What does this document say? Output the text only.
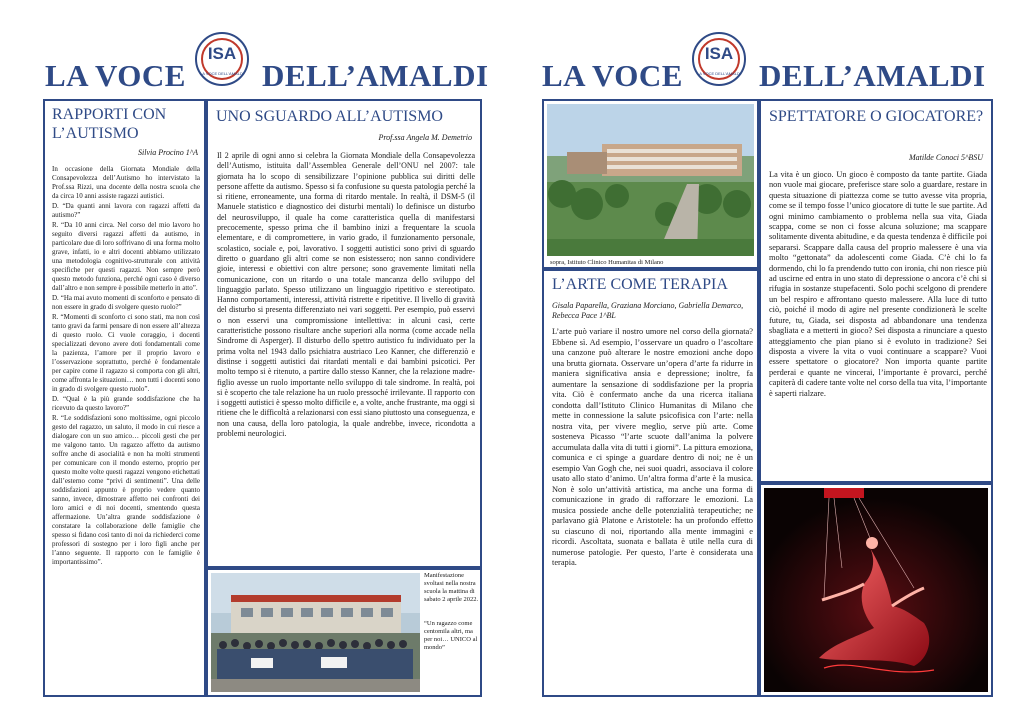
LA VOCE
ISA
LA VOCE DELL'AMALDI DELL’AMALDI
RAPPORTI CON L’AUTISMO
Silvia Procino 1^A

In occasione della Giornata Mondiale della Consapevolezza dell’Autismo ho intervistato la Prof.ssa Rizzi, una docente della nostra scuola che da circa 10 anni assiste ragazzi autistici.

D. “Da quanti anni lavora con ragazzi affetti da autismo?”

R. “Da 10 anni circa. Nel corso del mio lavoro ho seguito diversi ragazzi affetti da autismo, in particolare due di loro soffrivano di una forma molto grave, infatti, io e altri docenti abbiamo utilizzato una metodologia cognitivo-strutturale con attività specifiche per questi ragazzi. Non sempre però questo metodo funziona, perché ogni caso è diverso dall’altro e non sempre è possibile metterlo in atto”.

D. “Ha mai avuto momenti di sconforto e pensato di non essere in grado di svolgere questo ruolo?”

R. “Momenti di sconforto ci sono stati, ma non così tanto gravi da farmi pensare di non essere all’altezza di questo ruolo. Ci vuole coraggio, i docenti specializzati devono avere doti fondamentali come la pazienza, l’amore per il proprio lavoro e l’osservazione soprattutto, perché è fondamentale per capire come il ragazzo si comporta con gli altri, come affronta le situazioni… non tutti i docenti sono in grado di svolgere questo ruolo”.

D. “Qual è la più grande soddisfazione che ha ricevuto da questo lavoro?”

R. “Le soddisfazioni sono moltissime, ogni piccolo gesto del ragazzo, un saluto, il modo in cui riesce a dialogare con un suo amico… piccoli gesti che per me valgono tanto. Un ragazzo affetto da autismo soffre anche di asocialità e non ha molti strumenti per comunicare con il mondo esterno, proprio per questo molte volte questi ragazzi vengono etichettati dall’esterno come “privi di sentimenti”. Una delle soddisfazioni appunto è proprio vedere quanto sanno, invece, dimostrare affetto nei confronti dei loro amici e di noi docenti, smentendo questa affermazione. Un’altra grande soddisfazione è constatare la collaborazione delle famiglie che spesso si fidano così tanto di noi da richiederci come professori di sostegno per i loro figli anche per l’anno seguente. Il rapporto con le famiglie è importantissimo”.

UNO SGUARDO ALL’AUTISMO
Prof.ssa Angela M. Demetrio
Il 2 aprile di ogni anno si celebra la Giornata Mondiale della Consapevolezza dell’Autismo, istituita dall’Assemblea Generale dell’ONU nel 2007: tale giornata ha lo scopo di sensibilizzare l’opinione pubblica sui diritti delle persone affette da autismo. Spesso si fa confusione su questa patologia perché la si ritiene, erroneamente, una forma di ritardo mentale. In realtà, il DSM-5 (il Manuele statistico e diagnostico dei disturbi mentali) lo definisce un disturbo del neurosviluppo, il quale ha come caratteristica quella di manifestarsi precocemente, spesso prima che il bambino inizi a frequentare la scuola elementare, e di compromettere, in vario grado, il funzionamento personale, scolastico, sociale e, poi, lavorativo. I soggetti autistici sono privi di sguardo diretto o guardano gli altri come se non esistessero; non sanno condividere gioie, interessi e obiettivi con altre persone; sono gravemente limitati nella comunicazione, con un ritardo o una totale mancanza dello sviluppo del linguaggio parlato. Spesso utilizzano un linguaggio ripetitivo e stereotipato. Hanno comportamenti, interessi, attività ristrette e ripetitive. Il livello di gravità del disturbo si presenta differenziato nei vari soggetti. Per esempio, può esservi o non esservi una compromissione intellettiva: in alcuni casi, certe caratteristiche possono risultare anche superiori alla norma (come accade nella Sindrome di Asperger). Il disturbo dello spettro autistico fu individuato per la prima volta nel 1943 dallo psichiatra austriaco Leo Kanner, che differenziò e distinse i soggetti autistici dai ritardati mentali e dai bambini psicotici. Per molto tempo si è ritenuto, a partire dallo stesso Kanner, che la relazione madre-figlio avesse un ruolo importante nello sviluppo di tale sindrome. In realtà, poi si è scoperto che tale relazione ha un ruolo pressoché irrilevante. Il rapporto con i soggetti autistici è spesso molto difficile e, a volte, anche frustrante, ma oggi si ritiene che le difficoltà a relazionarsi con essi siano piuttosto una conseguenza, e non una causa, della loro patologia, la quale andrebbe, invece, ricondotta a problemi neurologici.
Manifestazione svoltasi nella nostra scuola la mattina di sabato 2 aprile 2022.
“Un ragazzo come centomila altri, ma per noi… UNICO al mondo”
LA VOCE
ISA
LA VOCE DELL'AMALDI DELL’AMALDI
sopra, Istituto Clinico Humanitas di Milano
L’ARTE COME TERAPIA
Gisala Paparella, Graziana Morciano, Gabriella Demarco, Rebecca Pace 1^BL
L’arte può variare il nostro umore nel corso della giornata? Ebbene sì. Ad esempio, l’osservare un quadro o l’ascoltare una canzone può alterare le nostre emozioni anche dopo una brutta giornata. Osservare un’opera d’arte fa ridurre in maniera significativa ansia e depressione; inoltre, fa aumentare la sensazione di soddisfazione per la propria vita. Ciò è confermato anche da una ricerca italiana condotta dall’Istituto Clinico Humanitas di Milano che mette in connessione la salute psicofisica con l’arte: nella nostra vita, per vivere meglio, serve più arte. Come sosteneva Picasso “l’arte scuote dall’anima la polvere accumulata dalla vita di tutti i giorni”. La pittura emoziona, comunica e ci spinge a guardare dentro di noi; ne è un esempio Van Gogh che, nei suoi quadri, associava il colore usato allo stato d’animo. Un’altra forma d’arte è la musica. Non è solo un’attività artistica, ma anche una forma di comunicazione in grado di rafforzare le emozioni. La musica possiede anche delle potenzialità terapeutiche; ne parlavano già Platone e Aristotele: ha un profondo effetto su ciascuno di noi, riportando alla mente immagini e ricordi. Ascoltata, suonata e ballata è utile nella cura di numerose patologie. Per questo, l’arte è considerata una terapia.
SPETTATORE O GIOCATORE?
Matilde Conoci 5^BSU
La vita è un gioco. Un gioco è composto da tante partite. Giada non vuole mai giocare, preferisce stare solo a guardare, restare in questa situazione di piattezza come se tutto avesse vita propria, come se il tempo fosse l’unico giocatore di tutte le sue partite. Ad ogni minimo cambiamento o problema nella sua vita, Giada scappa, come se non ci fosse alcuna soluzione; ma scappare solitamente diventa abitudine, e da questa tendenza è difficile poi separarsi. Scappare dalla causa del proprio malessere è una via molto “gettonata” da adolescenti come Giada. C’è chi lo fa dormendo, chi lo fa prendendo tutto con ironia, chi non riesce più ad uscirne ed entra in uno stato di depressione o ancora c’è chi si rifugia in sostanze stupefacenti. Solo pochi scelgono di prendere un bel respiro e affrontano questo malessere. Alla luce di tutto ciò, poiché il modo di agire nel presente condizionerà le scelte future, tu, Giada, sei disposta ad abbandonare una tendenza sbagliata e a metterti in gioco? Sei disposta a rinunciare a questo atteggiamento che pian piano si è evoluto in tradizione? Sei disposta a vivere la vita o vuoi continuare a scappare? Vuoi essere spettatore o giocatore? Non importa quante partite perderai e quante ne vincerai, l’importante è provarci, perché capiterà di cadere tante volte nel corso della tua vita, l’importante è saperti rialzare.
